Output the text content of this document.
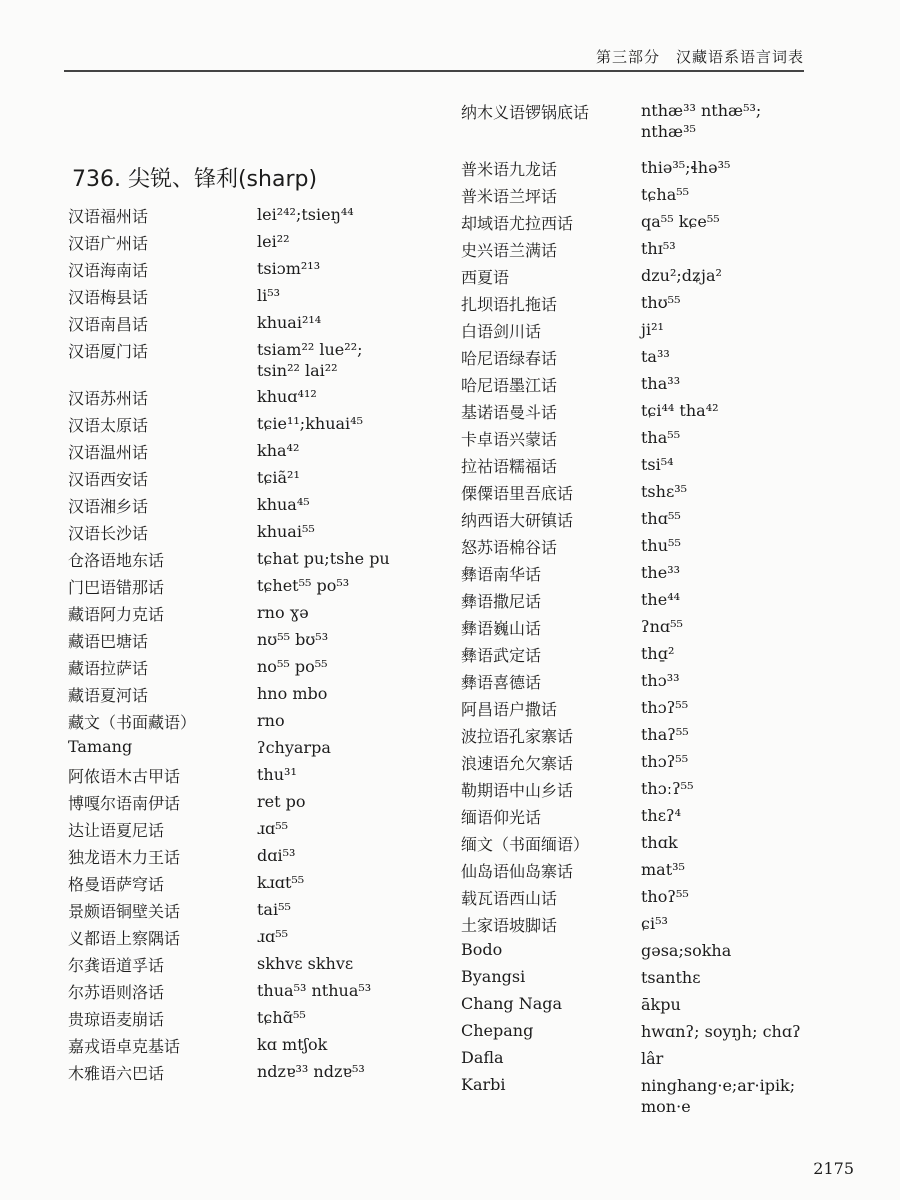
第三部分　汉藏语系语言词表
736. 尖锐、锋利(sharp)
汉语福州话	lei²⁴²;tsieŋ⁴⁴
汉语广州话	lei²²
汉语海南话	tsiɔm²¹³
汉语梅县话	li⁵³
汉语南昌话	khuai²¹⁴
汉语厦门话	tsiam²² lue²²; tsin²² lai²²
汉语苏州话	khuɑ⁴¹²
汉语太原话	tɕie¹¹;khuai⁴⁵
汉语温州话	kha⁴²
汉语西安话	tɕiã²¹
汉语湘乡话	khua⁴⁵
汉语长沙话	khuai⁵⁵
仓洛语地东话	tɕhat pu;tshe pu
门巴语错那话	tɕhet⁵⁵ po⁵³
藏语阿力克话	rno ɣə
藏语巴塘话	nʊ⁵⁵ bʊ⁵³
藏语拉萨话	no⁵⁵ po⁵⁵
藏语夏河话	hno mbo
藏文（书面藏语）	rno
Tamang	ʔchyarpa
阿侬语木古甲话	thu³¹
博嘎尔语南伊话	ret po
达让语夏尼话	ɹɑ⁵⁵
独龙语木力王话	dɑi⁵³
格曼语萨穹话	kɹɑt⁵⁵
景颇语铜壁关话	tai⁵⁵
义都语上察隅话	ɹɑ⁵⁵
尔龚语道孚话	skhvɛ skhvɛ
尔苏语则洛话	thua⁵³ nthua⁵³
贵琼语麦崩话	tɕhɑ̃⁵⁵
嘉戎语卓克基话	kɑ mtʃok
木雅语六巴话	ndzɐ³³ ndzɐ⁵³
纳木义语锣锅底话	nthæ³³ nthæ⁵³; nthæ³⁵
普米语九龙话	thiə³⁵;ɬhə³⁵
普米语兰坪话	tɕha⁵⁵
却域语尤拉西话	qa⁵⁵ kɕe⁵⁵
史兴语兰满话	thɪ⁵³
西夏语	dzu²;dʑja²
扎坝语扎拖话	thʊ⁵⁵
白语剑川话	ji²¹
哈尼语绿春话	ta³³
哈尼语墨江话	tha³³
基诺语曼斗话	tɕi⁴⁴ tha⁴²
卡卓语兴蒙话	tha⁵⁵
拉祜语糯福话	tsi⁵⁴
傈僳语里吾底话	tshɛ³⁵
纳西语大研镇话	thɑ⁵⁵
怒苏语棉谷话	thu⁵⁵
彝语南华话	the³³
彝语撒尼话	the⁴⁴
彝语巍山话	ʔnɑ⁵⁵
彝语武定话	thɑ̱²
彝语喜德话	thɔ³³
阿昌语户撒话	thɔʔ⁵⁵
波拉语孔家寨话	thaʔ⁵⁵
浪速语允欠寨话	thɔʔ⁵⁵
勒期语中山乡话	thɔːʔ⁵⁵
缅语仰光话	thɛʔ⁴
缅文（书面缅语）	thɑk
仙岛语仙岛寨话	mat³⁵
载瓦语西山话	thoʔ⁵⁵
土家语坡脚话	ɕi⁵³
Bodo	gəsa;sokha
Byangsi	tsanthɛ
Chang Naga	ākpu
Chepang	hwɑnʔ; soyŋh; chɑʔ
Dafla	lâr
Karbi	ninghang·e;ar·ipik; mon·e
2175
